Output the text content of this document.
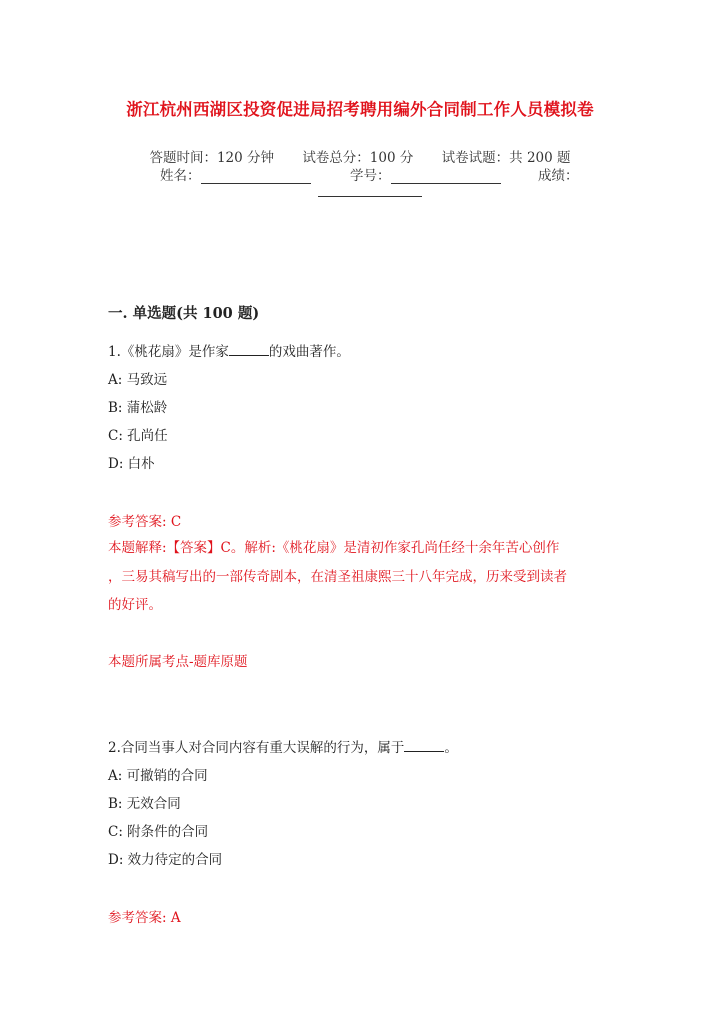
浙江杭州西湖区投资促进局招考聘用编外合同制工作人员模拟卷
答题时间：120 分钟 试卷总分：100 分 试卷试题：共 200 题
姓名：	学号：	成绩：
一. 单选题(共 100 题)
1.《桃花扇》是作家	的戏曲著作。
A: 马致远
B: 蒲松龄
C: 孔尚任
D: 白朴
参考答案: C
本题解释:【答案】C。解析:《桃花扇》是清初作家孔尚任经十余年苦心创作
，三易其稿写出的一部传奇剧本，在清圣祖康熙三十八年完成，历来受到读者
的好评。
本题所属考点-题库原题
2.合同当事人对合同内容有重大误解的行为，属于	。
A: 可撤销的合同
B: 无效合同
C: 附条件的合同
D: 效力待定的合同
参考答案: A
